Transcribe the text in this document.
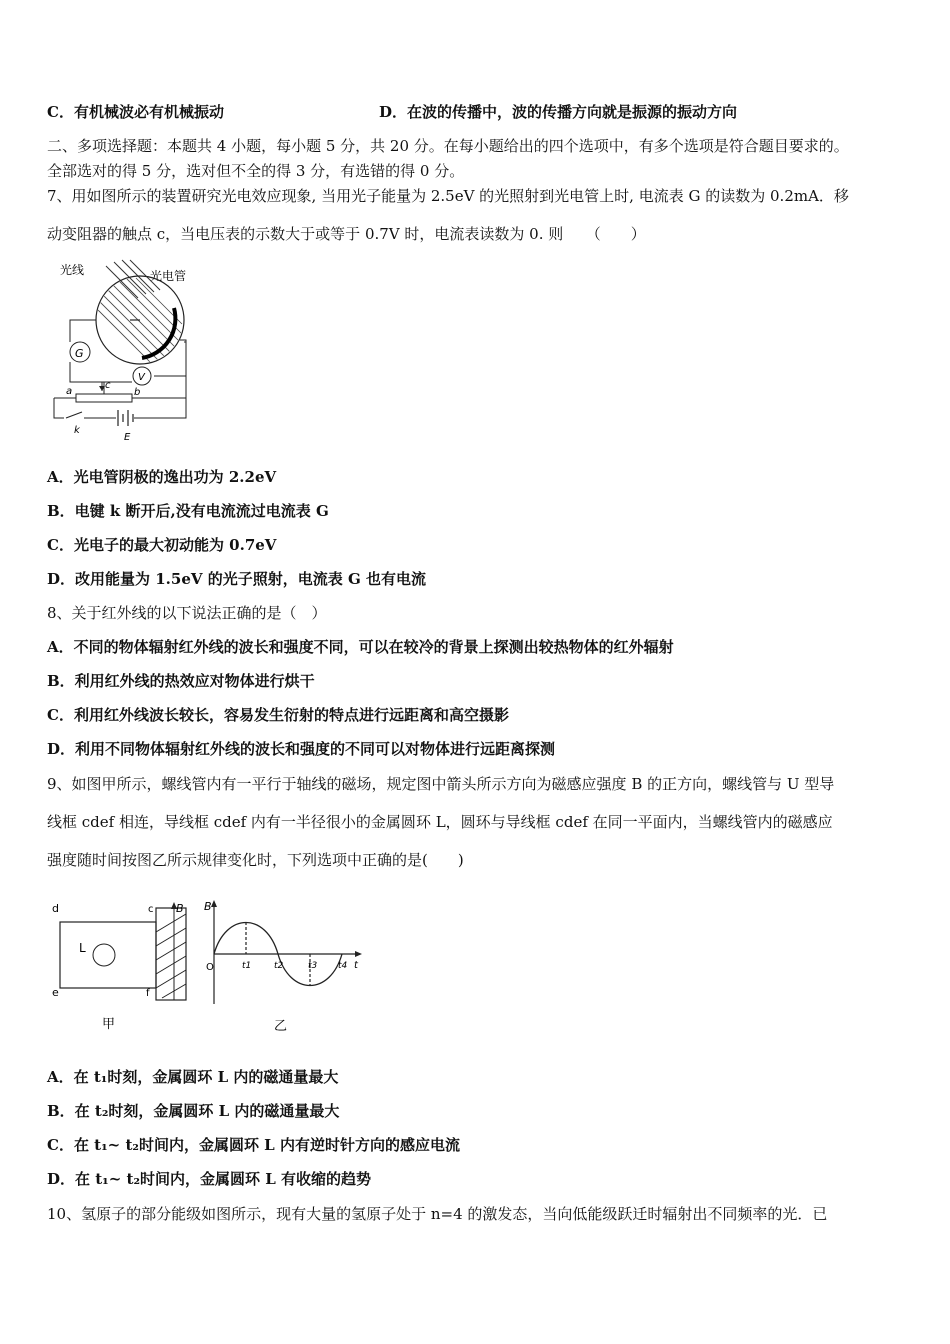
C．有机械波必有机械振动	D．在波的传播中，波的传播方向就是振源的振动方向
二、多项选择题：本题共 4 小题，每小题 5 分，共 20 分。在每小题给出的四个选项中，有多个选项是符合题目要求的。
全部选对的得 5 分，选对但不全的得 3 分，有选错的得 0 分。
7、用如图所示的装置研究光电效应现象, 当用光子能量为 2.5eV 的光照射到光电管上时, 电流表 G 的读数为 0.2mA．移
动变阻器的触点 c，当电压表的示数大于或等于 0.7V 时，电流表读数为 0. 则　　（　　）
光线	光电管
G
V
a	b
c
k
E
A．光电管阴极的逸出功为 2.2eV
B．电键 k 断开后,没有电流流过电流表 G
C．光电子的最大初动能为 0.7eV
D．改用能量为 1.5eV 的光子照射，电流表 G 也有电流
8、关于红外线的以下说法正确的是（　）
A．不同的物体辐射红外线的波长和强度不同，可以在较冷的背景上探测出较热物体的红外辐射
B．利用红外线的热效应对物体进行烘干
C．利用红外线波长较长，容易发生衍射的特点进行远距离和高空摄影
D．利用不同物体辐射红外线的波长和强度的不同可以对物体进行远距离探测
9、如图甲所示，螺线管内有一平行于轴线的磁场，规定图中箭头所示方向为磁感应强度 B 的正方向，螺线管与 U 型导
线框 cdef 相连，导线框 cdef 内有一半径很小的金属圆环 L，圆环与导线框 cdef 在同一平面内，当螺线管内的磁感应
强度随时间按图乙所示规律变化时，下列选项中正确的是(　　)
L
d
e
c
f
B B
O	t1	t2	t3 t4 t
甲	乙
A．在 t₁时刻，金属圆环 L 内的磁通量最大
B．在 t₂时刻，金属圆环 L 内的磁通量最大
C．在 t₁~ t₂时间内，金属圆环 L 内有逆时针方向的感应电流
D．在 t₁~ t₂时间内，金属圆环 L 有收缩的趋势
10、氢原子的部分能级如图所示，现有大量的氢原子处于 n=4 的激发态，当向低能级跃迁时辐射出不同频率的光．已
